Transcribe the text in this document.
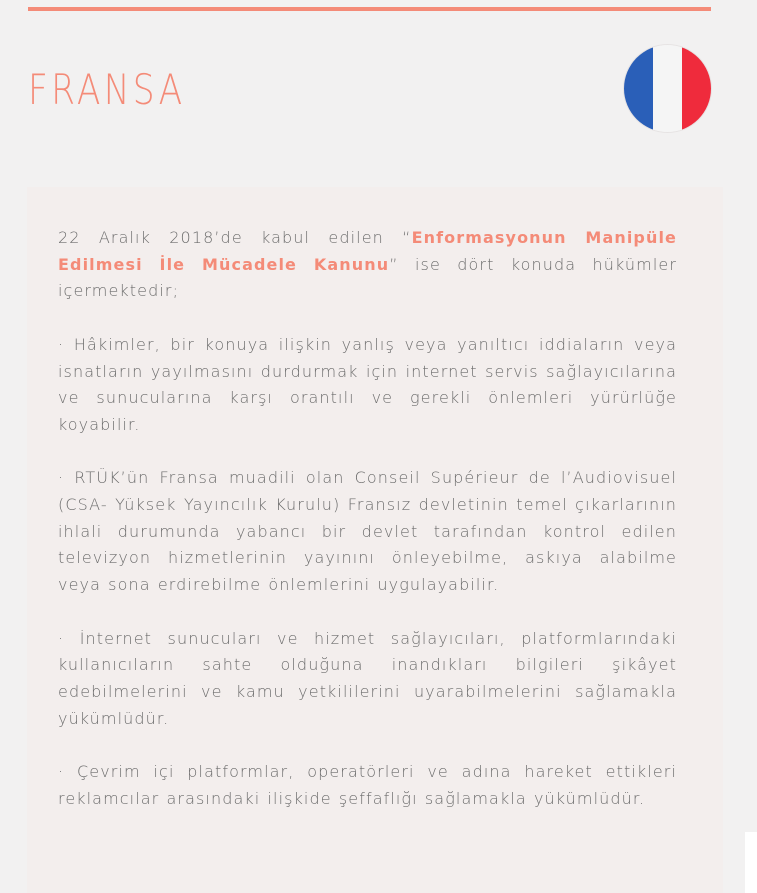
FRANSA

22 Aralık 2018’de kabul edilen “Enformasyonun Manipüle Edilmesi İle Mücadele Kanunu” ise dört konuda hükümler içermektedir;

· Hâkimler, bir konuya ilişkin yanlış veya yanıltıcı iddiaların veya isnatların yayılmasını durdurmak için internet servis sağlayıcılarına ve sunucularına karşı orantılı ve gerekli önlemleri yürürlüğe koyabilir.

· RTÜK’ün Fransa muadili olan Conseil Supérieur de l’Audiovisuel (CSA- Yüksek Yayıncılık Kurulu) Fransız devletinin temel çıkarlarının ihlali durumunda yabancı bir devlet tarafından kontrol edilen televizyon hizmetlerinin yayınını önleyebilme, askıya alabilme veya sona erdirebilme önlemlerini uygulayabilir.

· İnternet sunucuları ve hizmet sağlayıcıları, platformlarındaki kullanıcıların sahte olduğuna inandıkları bilgileri şikâyet edebilmelerini ve kamu yetkililerini uyarabilmelerini sağlamakla yükümlüdür.

· Çevrim içi platformlar, operatörleri ve adına hareket ettikleri reklamcılar arasındaki ilişkide şeffaflığı sağlamakla yükümlüdür.
